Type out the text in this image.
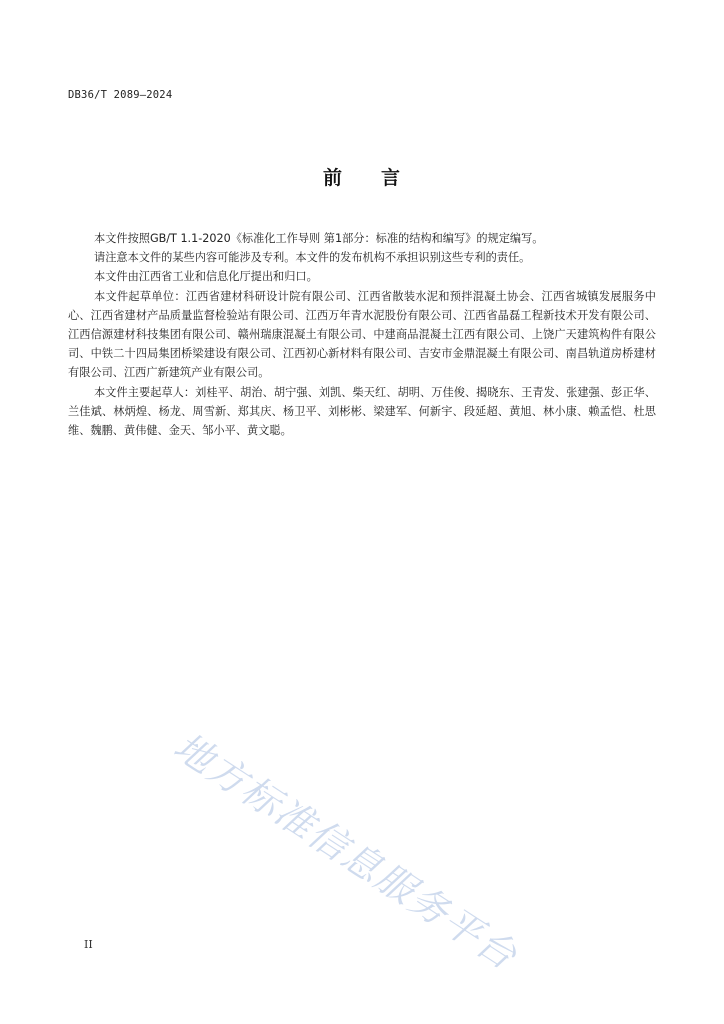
DB36/T 2089—2024
前 言

本文件按照GB/T 1.1-2020《标准化工作导则 第1部分：标准的结构和编写》的规定编写。

请注意本文件的某些内容可能涉及专利。本文件的发布机构不承担识别这些专利的责任。

本文件由江西省工业和信息化厅提出和归口。

本文件起草单位：江西省建材科研设计院有限公司、江西省散装水泥和预拌混凝土协会、江西省城镇发展服务中心、江西省建材产品质量监督检验站有限公司、江西万年青水泥股份有限公司、江西省晶磊工程新技术开发有限公司、江西信源建材科技集团有限公司、赣州瑞康混凝土有限公司、中建商品混凝土江西有限公司、上饶广天建筑构件有限公司、中铁二十四局集团桥梁建设有限公司、江西初心新材料有限公司、吉安市金鼎混凝土有限公司、南昌轨道房桥建材有限公司、江西广新建筑产业有限公司。

本文件主要起草人：刘桂平、胡治、胡宁强、刘凯、柴天红、胡明、万佳俊、揭晓东、王青发、张建强、彭正华、兰佳斌、林炳煌、杨龙、周雪新、郑其庆、杨卫平、刘彬彬、梁建军、何新宇、段延超、黄旭、林小康、赖孟恺、杜思维、魏鹏、黄伟健、金天、邹小平、黄文聪。

地方标准信息服务平台
II
